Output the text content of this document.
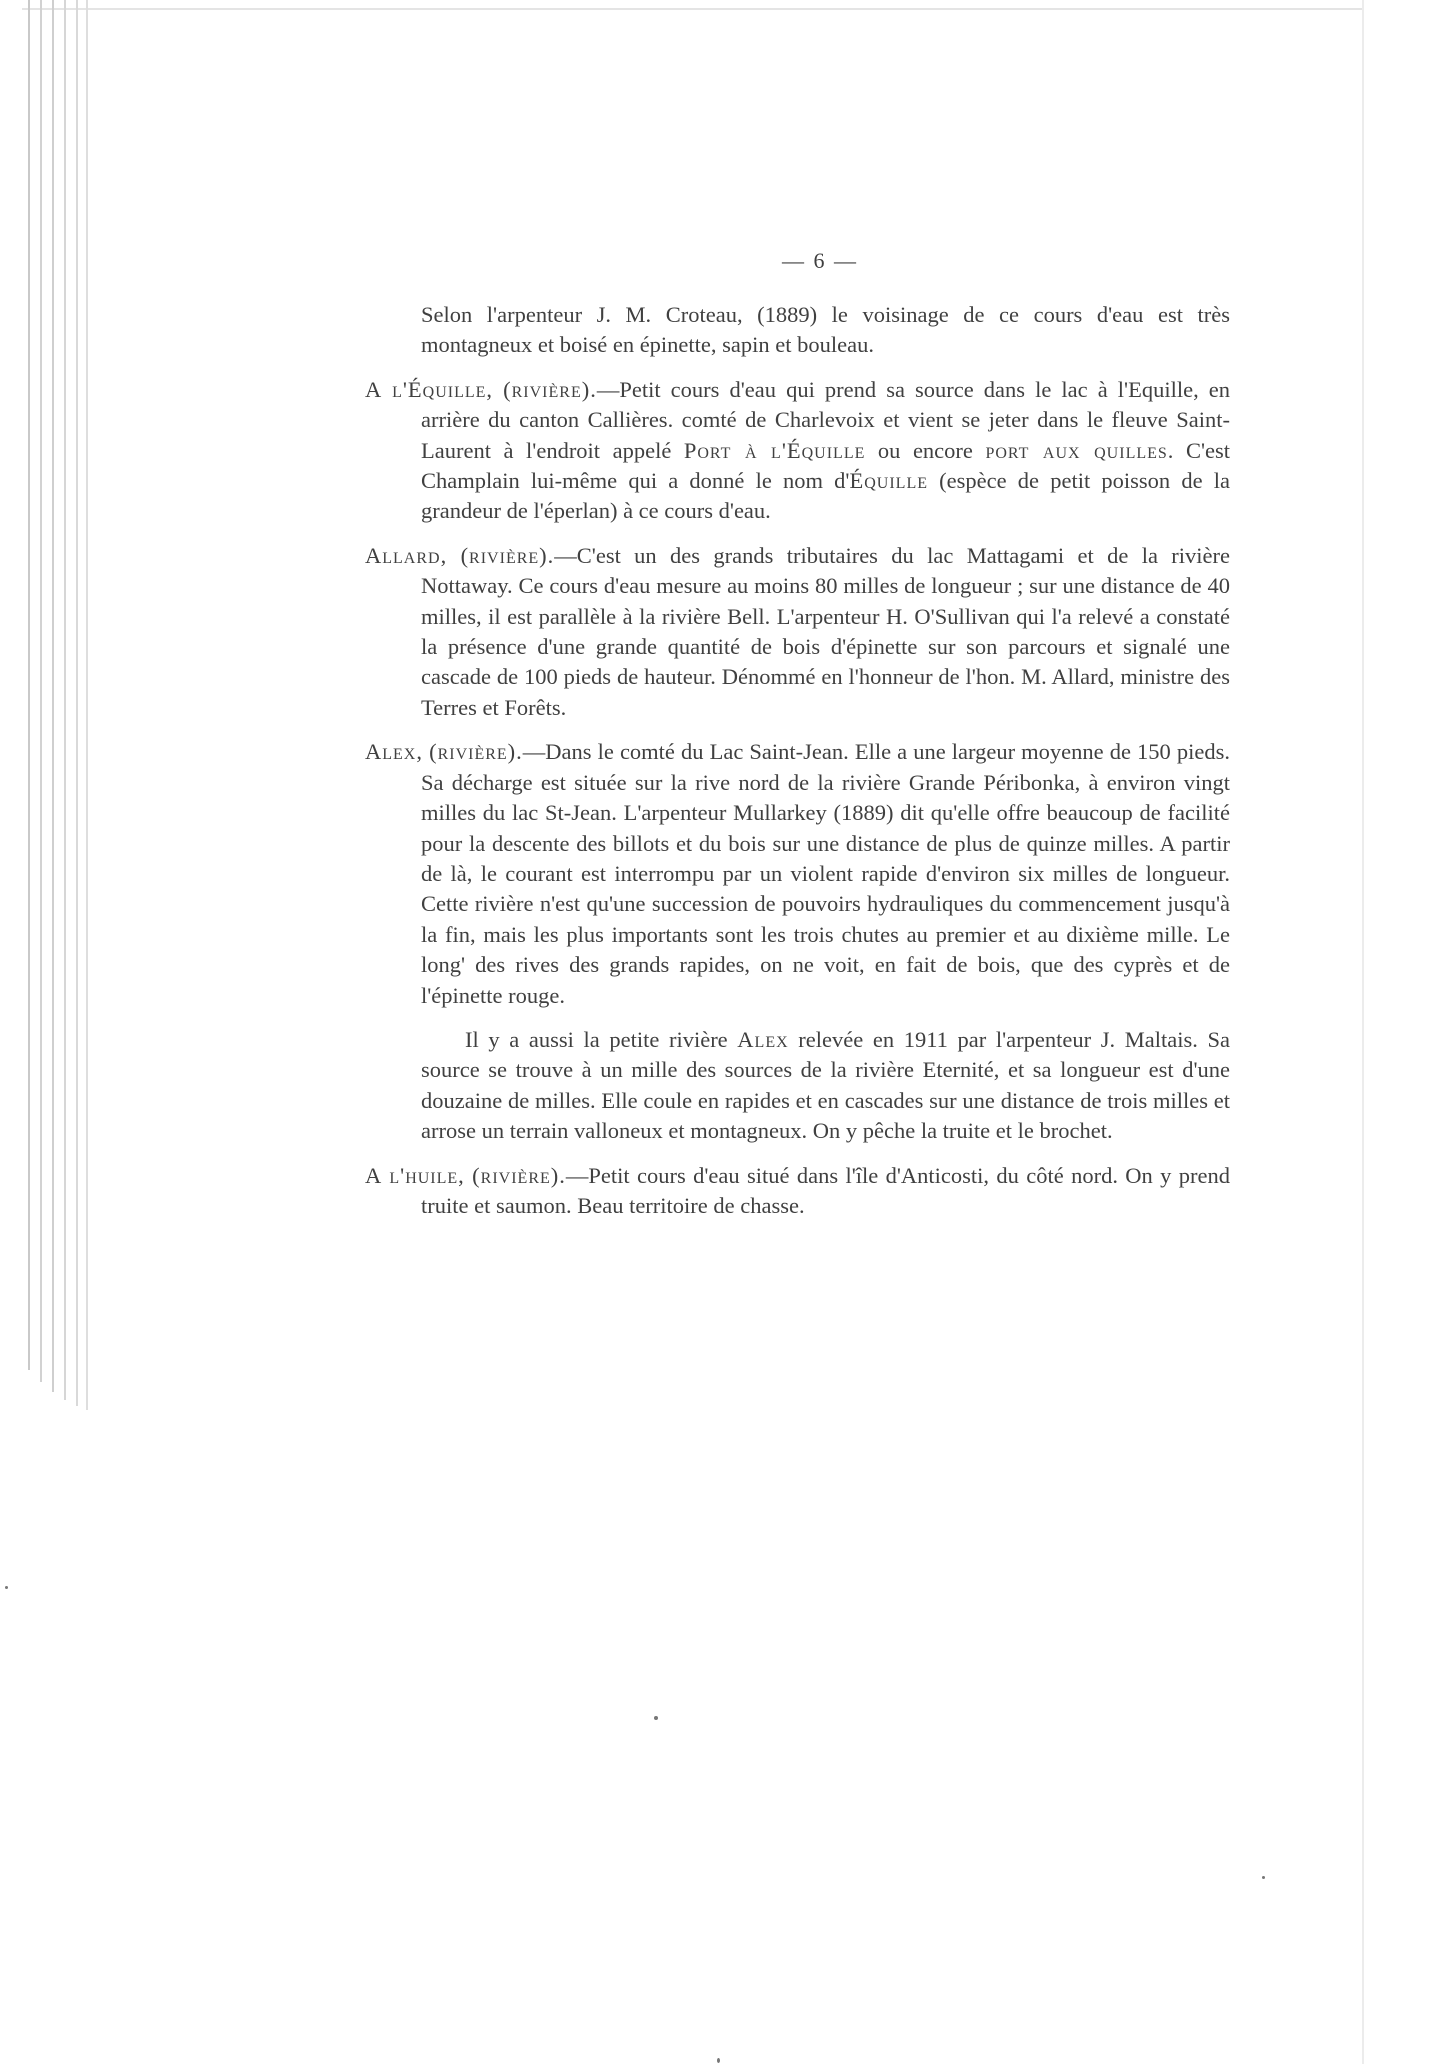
— 6 —

Selon l'arpenteur J. M. Croteau, (1889) le voisinage de ce cours d'eau est très montagneux et boisé en épinette, sapin et bouleau.

A l'Équille, (rivière).—Petit cours d'eau qui prend sa source dans le lac à l'Equille, en arrière du canton Callières. comté de Charlevoix et vient se jeter dans le fleuve Saint-Laurent à l'endroit appelé Port à l'Équille ou encore port aux quilles. C'est Champlain lui-même qui a donné le nom d'Équille (espèce de petit poisson de la grandeur de l'éperlan) à ce cours d'eau.

Allard, (rivière).—C'est un des grands tributaires du lac Mattagami et de la rivière Nottaway. Ce cours d'eau mesure au moins 80 milles de longueur ; sur une distance de 40 milles, il est parallèle à la rivière Bell. L'arpenteur H. O'Sullivan qui l'a relevé a constaté la présence d'une grande quantité de bois d'épinette sur son parcours et signalé une cascade de 100 pieds de hauteur. Dénommé en l'honneur de l'hon. M. Allard, ministre des Terres et Forêts.

Alex, (rivière).—Dans le comté du Lac Saint-Jean. Elle a une largeur moyenne de 150 pieds. Sa décharge est située sur la rive nord de la rivière Grande Péribonka, à environ vingt milles du lac St-Jean. L'arpenteur Mullarkey (1889) dit qu'elle offre beaucoup de facilité pour la descente des billots et du bois sur une distance de plus de quinze milles. A partir de là, le courant est interrompu par un violent rapide d'environ six milles de longueur. Cette rivière n'est qu'une succession de pouvoirs hydrauliques du commencement jusqu'à la fin, mais les plus importants sont les trois chutes au premier et au dixième mille. Le long' des rives des grands rapides, on ne voit, en fait de bois, que des cyprès et de l'épinette rouge.

Il y a aussi la petite rivière Alex relevée en 1911 par l'arpenteur J. Maltais. Sa source se trouve à un mille des sources de la rivière Eternité, et sa longueur est d'une douzaine de milles. Elle coule en rapides et en cascades sur une distance de trois milles et arrose un terrain valloneux et montagneux. On y pêche la truite et le brochet.

A l'huile, (rivière).—Petit cours d'eau situé dans l'île d'Anticosti, du côté nord. On y prend truite et saumon. Beau territoire de chasse.
